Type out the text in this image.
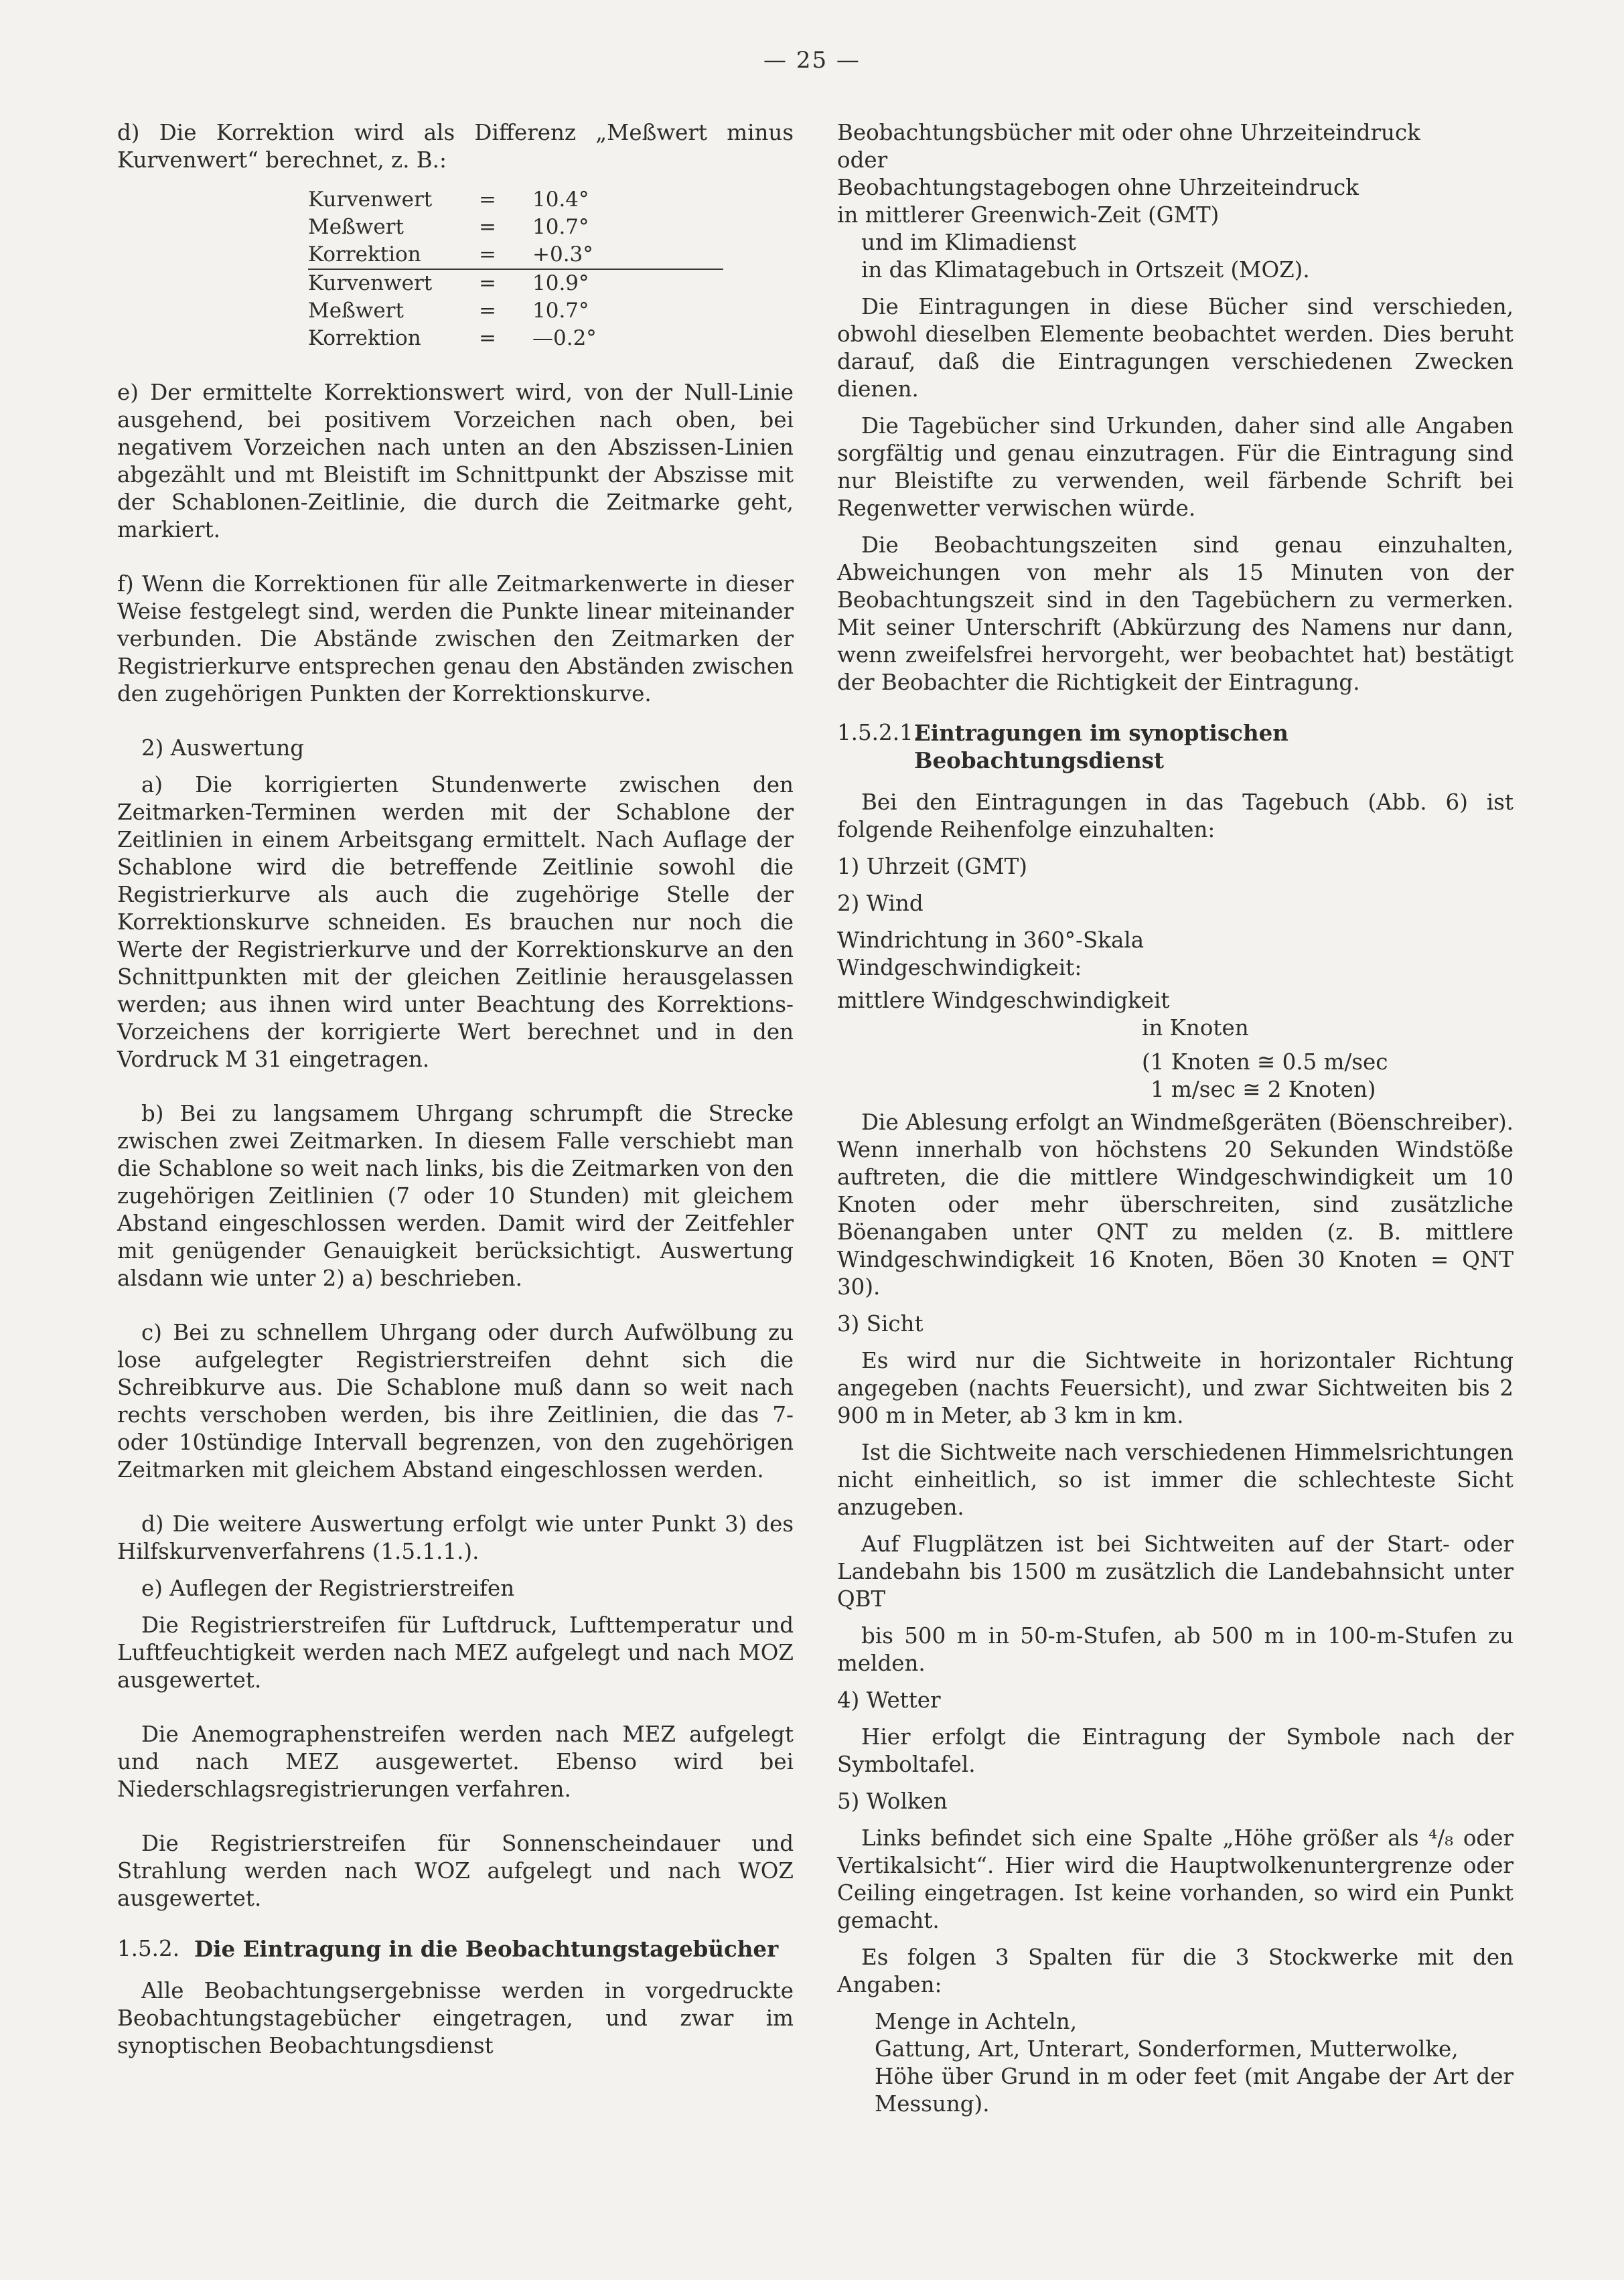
— 25 —

d) Die Korrektion wird als Differenz „Meßwert minus Kurvenwert“ berechnet, z. B.:

Kurvenwert	=	10.4°
Meßwert	=	10.7°
Korrektion	=	+0.3°
Kurvenwert	=	10.9°
Meßwert	=	10.7°
Korrektion	=	—0.2°

e) Der ermittelte Korrektionswert wird, von der Null-Linie ausgehend, bei positivem Vorzeichen nach oben, bei negativem Vorzeichen nach unten an den Abszissen-Linien abgezählt und mt Bleistift im Schnittpunkt der Abszisse mit der Schablonen-Zeitlinie, die durch die Zeitmarke geht, markiert.

f) Wenn die Korrektionen für alle Zeitmarkenwerte in dieser Weise festgelegt sind, werden die Punkte linear miteinander verbunden. Die Abstände zwischen den Zeitmarken der Registrierkurve entsprechen genau den Abständen zwischen den zugehörigen Punkten der Korrektionskurve.

2) Auswertung

a) Die korrigierten Stundenwerte zwischen den Zeitmarken-Terminen werden mit der Schablone der Zeitlinien in einem Arbeitsgang ermittelt. Nach Auflage der Schablone wird die betreffende Zeitlinie sowohl die Registrierkurve als auch die zugehörige Stelle der Korrektionskurve schneiden. Es brauchen nur noch die Werte der Registrierkurve und der Korrektionskurve an den Schnittpunkten mit der gleichen Zeitlinie herausgelassen werden; aus ihnen wird unter Beachtung des Korrektions-Vorzeichens der korrigierte Wert berechnet und in den Vordruck M 31 eingetragen.

b) Bei zu langsamem Uhrgang schrumpft die Strecke zwischen zwei Zeitmarken. In diesem Falle verschiebt man die Schablone so weit nach links, bis die Zeitmarken von den zugehörigen Zeitlinien (7 oder 10 Stunden) mit gleichem Abstand eingeschlossen werden. Damit wird der Zeitfehler mit genügender Genauigkeit berücksichtigt. Auswertung alsdann wie unter 2) a) beschrieben.

c) Bei zu schnellem Uhrgang oder durch Aufwölbung zu lose aufgelegter Registrierstreifen dehnt sich die Schreibkurve aus. Die Schablone muß dann so weit nach rechts verschoben werden, bis ihre Zeitlinien, die das 7- oder 10stündige Intervall begrenzen, von den zugehörigen Zeitmarken mit gleichem Abstand eingeschlossen werden.

d) Die weitere Auswertung erfolgt wie unter Punkt 3) des Hilfskurvenverfahrens (1.5.1.1.).

e) Auflegen der Registrierstreifen

Die Registrierstreifen für Luftdruck, Lufttemperatur und Luftfeuchtigkeit werden nach MEZ aufgelegt und nach MOZ ausgewertet.

Die Anemographenstreifen werden nach MEZ aufgelegt und nach MEZ ausgewertet. Ebenso wird bei Niederschlagsregistrierungen verfahren.

Die Registrierstreifen für Sonnenscheindauer und Strahlung werden nach WOZ aufgelegt und nach WOZ ausgewertet.

1.5.2. Die Eintragung in die Beobachtungstagebücher

Alle Beobachtungsergebnisse werden in vorgedruckte Beobachtungstagebücher eingetragen, und zwar im synoptischen Beobachtungsdienst

Beobachtungsbücher mit oder ohne Uhrzeiteindruck

oder

Beobachtungstagebogen ohne Uhrzeiteindruck

in mittlerer Greenwich-Zeit (GMT)

und im Klimadienst

in das Klimatagebuch in Ortszeit (MOZ).

Die Eintragungen in diese Bücher sind verschieden, obwohl dieselben Elemente beobachtet werden. Dies beruht darauf, daß die Eintragungen verschiedenen Zwecken dienen.

Die Tagebücher sind Urkunden, daher sind alle Angaben sorgfältig und genau einzutragen. Für die Eintragung sind nur Bleistifte zu verwenden, weil färbende Schrift bei Regenwetter verwischen würde.

Die Beobachtungszeiten sind genau einzuhalten, Abweichungen von mehr als 15 Minuten von der Beobachtungszeit sind in den Tagebüchern zu vermerken. Mit seiner Unterschrift (Abkürzung des Namens nur dann, wenn zweifelsfrei hervorgeht, wer beobachtet hat) bestätigt der Beobachter die Richtigkeit der Eintragung.

1.5.2.1.
Eintragungen im synoptischen Beobachtungsdienst

Bei den Eintragungen in das Tagebuch (Abb. 6) ist folgende Reihenfolge einzuhalten:

1) Uhrzeit (GMT)

2) Wind

Windrichtung in 360°-Skala

Windgeschwindigkeit:

mittlere Windgeschwindigkeit

in Knoten

(1 Knoten ≅ 0.5 m/sec

1 m/sec ≅ 2 Knoten)

Die Ablesung erfolgt an Windmeßgeräten (Böenschreiber). Wenn innerhalb von höchstens 20 Sekunden Windstöße auftreten, die die mittlere Windgeschwindigkeit um 10 Knoten oder mehr überschreiten, sind zusätzliche Böenangaben unter QNT zu melden (z. B. mittlere Windgeschwindigkeit 16 Knoten, Böen 30 Knoten = QNT 30).

3) Sicht

Es wird nur die Sichtweite in horizontaler Richtung angegeben (nachts Feuersicht), und zwar Sichtweiten bis 2 900 m in Meter, ab 3 km in km.

Ist die Sichtweite nach verschiedenen Himmelsrichtungen nicht einheitlich, so ist immer die schlechteste Sicht anzugeben.

Auf Flugplätzen ist bei Sichtweiten auf der Start- oder Landebahn bis 1500 m zusätzlich die Landebahnsicht unter QBT

bis 500 m in 50-m-Stufen, ab 500 m in 100-m-Stufen zu melden.

4) Wetter

Hier erfolgt die Eintragung der Symbole nach der Symboltafel.

5) Wolken

Links befindet sich eine Spalte „Höhe größer als ⁴/₈ oder Vertikalsicht“. Hier wird die Hauptwolkenuntergrenze oder Ceiling eingetragen. Ist keine vorhanden, so wird ein Punkt gemacht.

Es folgen 3 Spalten für die 3 Stockwerke mit den Angaben:

Menge in Achteln,

Gattung, Art, Unterart, Sonderformen, Mutterwolke,

Höhe über Grund in m oder feet (mit Angabe der Art der Messung).
